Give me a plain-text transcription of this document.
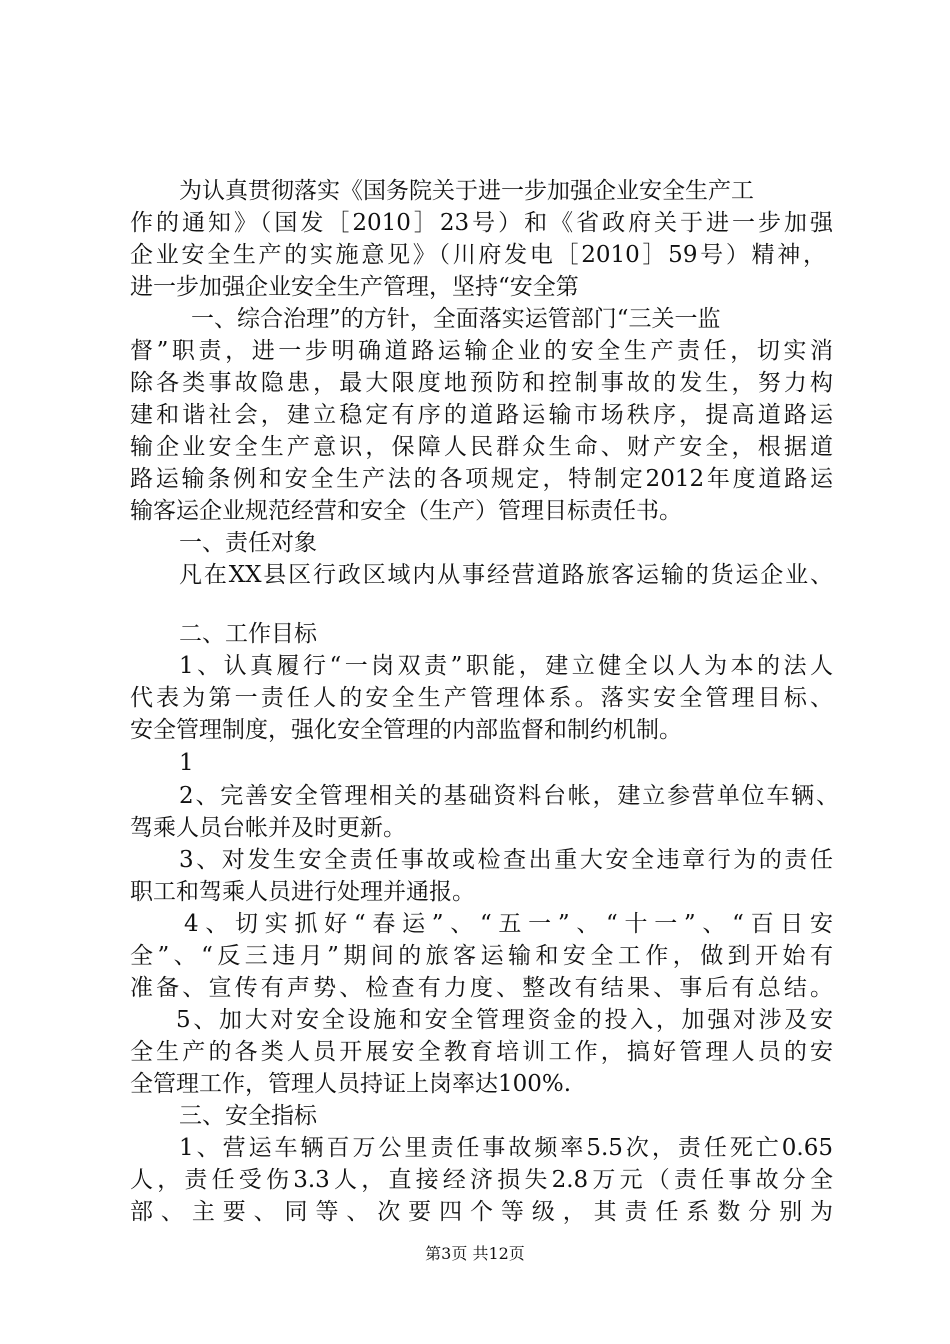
为认真贯彻落实《国务院关于进一步加强企业安全生产工
作的通知》（国发［2010］23号）和《省政府关于进一步加强
企业安全生产的实施意见》（川府发电［2010］59号）精神，
进一步加强企业安全生产管理，坚持“安全第
一、综合治理”的方针，全面落实运管部门“三关一监
督”职责，进一步明确道路运输企业的安全生产责任，切实消
除各类事故隐患，最大限度地预防和控制事故的发生，努力构
建和谐社会，建立稳定有序的道路运输市场秩序，提高道路运
输企业安全生产意识，保障人民群众生命、财产安全，根据道
路运输条例和安全生产法的各项规定，特制定2012年度道路运
输客运企业规范经营和安全（生产）管理目标责任书。
一、责任对象
凡在XX县区行政区域内从事经营道路旅客运输的货运企业、
二、工作目标
1、认真履行“一岗双责”职能，建立健全以人为本的法人
代表为第一责任人的安全生产管理体系。落实安全管理目标、
安全管理制度，强化安全管理的内部监督和制约机制。
1
2、完善安全管理相关的基础资料台帐，建立参营单位车辆、
驾乘人员台帐并及时更新。
3、对发生安全责任事故或检查出重大安全违章行为的责任
职工和驾乘人员进行处理并通报。
4、切实抓好“春运”、“五一”、“十一”、“百日安
全”、“反三违月”期间的旅客运输和安全工作，做到开始有
准备、宣传有声势、检查有力度、整改有结果、事后有总结。
5、加大对安全设施和安全管理资金的投入，加强对涉及安
全生产的各类人员开展安全教育培训工作，搞好管理人员的安
全管理工作，管理人员持证上岗率达100%.
三、安全指标
1、营运车辆百万公里责任事故频率5.5次，责任死亡0.65
人，责任受伤3.3人，直接经济损失2.8万元（责任事故分全
部、主要、同等、次要四个等级，其责任系数分别为
第3页 共12页
